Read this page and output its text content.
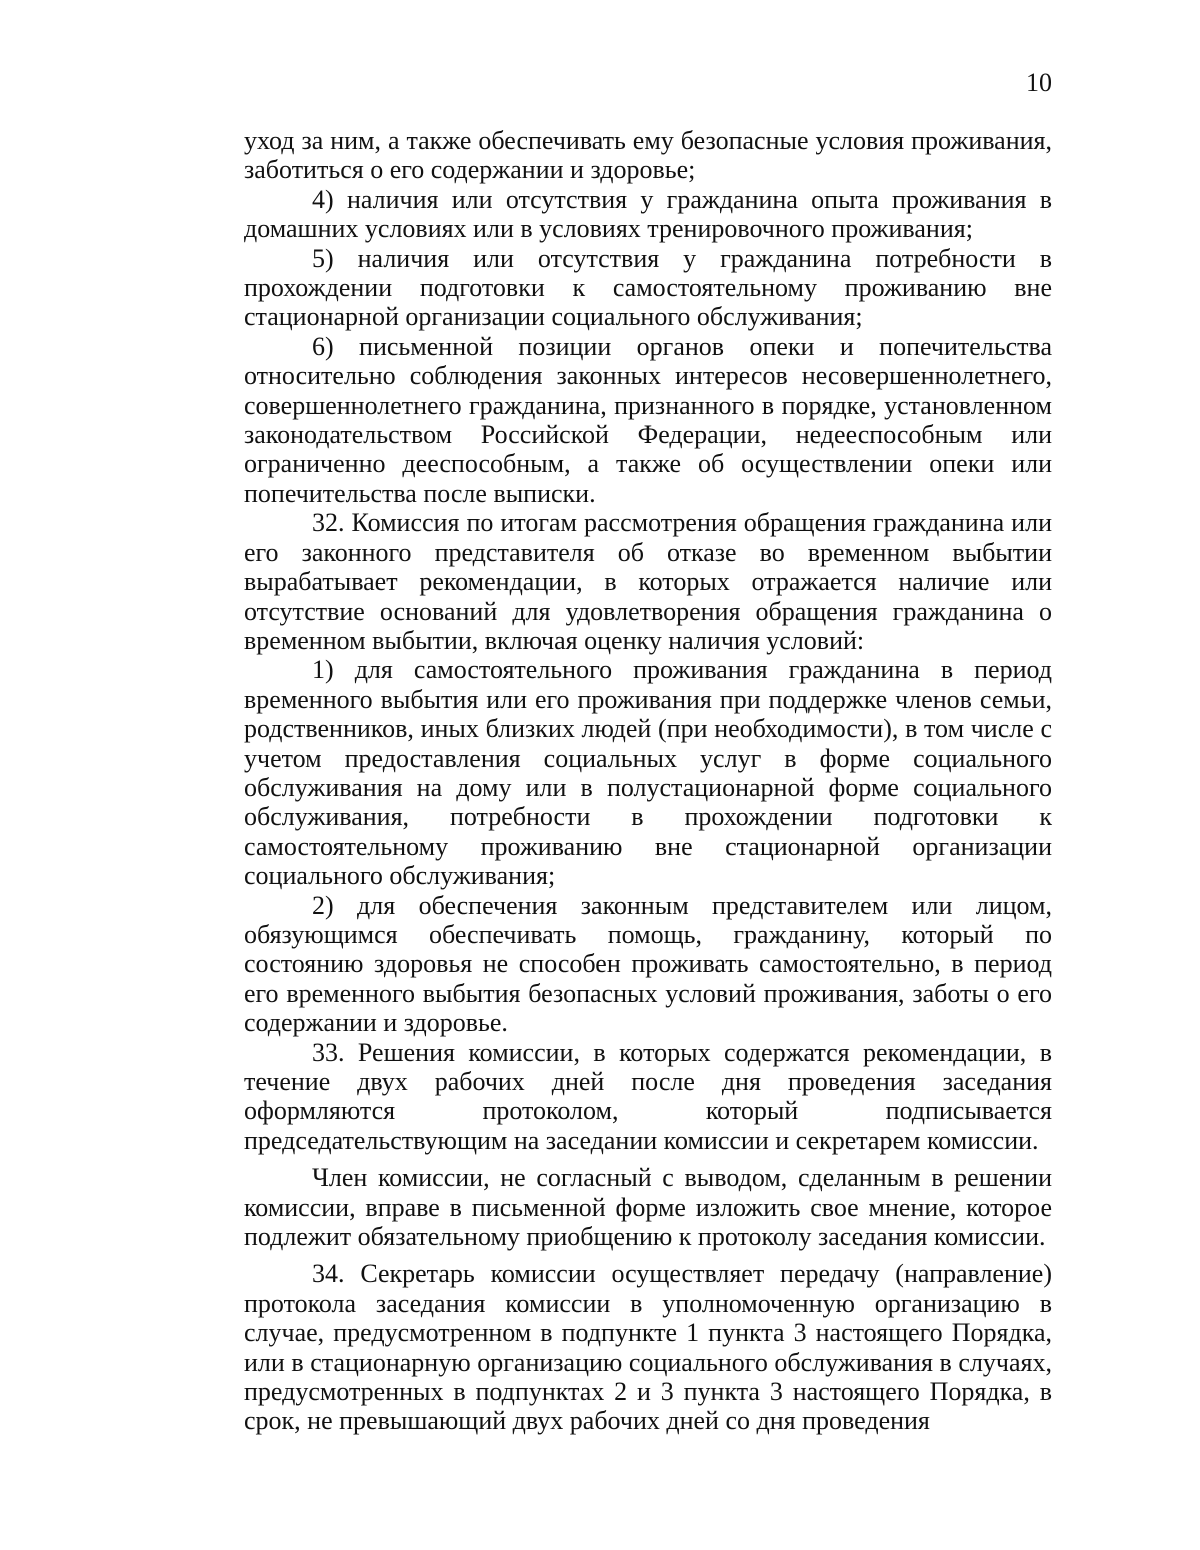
10

уход за ним, а также обеспечивать ему безопасные условия проживания, заботиться о его содержании и здоровье;

4) наличия или отсутствия у гражданина опыта проживания в домашних условиях или в условиях тренировочного проживания;

5) наличия или отсутствия у гражданина потребности в прохождении подготовки к самостоятельному проживанию вне стационарной организации социального обслуживания;

6) письменной позиции органов опеки и попечительства относительно соблюдения законных интересов несовершеннолетнего, совершеннолетнего гражданина, признанного в порядке, установленном законодательством Российской Федерации, недееспособным или ограниченно дееспособным, а также об осуществлении опеки или попечительства после выписки.

32. Комиссия по итогам рассмотрения обращения гражданина или его законного представителя об отказе во временном выбытии вырабатывает рекомендации, в которых отражается наличие или отсутствие оснований для удовлетворения обращения гражданина о временном выбытии, включая оценку наличия условий:

1) для самостоятельного проживания гражданина в период временного выбытия или его проживания при поддержке членов семьи, родственников, иных близких людей (при необходимости), в том числе с учетом предоставления социальных услуг в форме социального обслуживания на дому или в полустационарной форме социального обслуживания, потребности в прохождении подготовки к самостоятельному проживанию вне стационарной организации социального обслуживания;

2) для обеспечения законным представителем или лицом, обязующимся обеспечивать помощь, гражданину, который по состоянию здоровья не способен проживать самостоятельно, в период его временного выбытия безопасных условий проживания, заботы о его содержании и здоровье.

33. Решения комиссии, в которых содержатся рекомендации, в течение двух рабочих дней после дня проведения заседания оформляются протоколом, который подписывается председательствующим на заседании комиссии и секретарем комиссии.

Член комиссии, не согласный с выводом, сделанным в решении комиссии, вправе в письменной форме изложить свое мнение, которое подлежит обязательному приобщению к протоколу заседания комиссии.

34. Секретарь комиссии осуществляет передачу (направление) протокола заседания комиссии в уполномоченную организацию в случае, предусмотренном в подпункте 1 пункта 3 настоящего Порядка, или в стационарную организацию социального обслуживания в случаях, предусмотренных в подпунктах 2 и 3 пункта 3 настоящего Порядка, в срок, не превышающий двух рабочих дней со дня проведения
